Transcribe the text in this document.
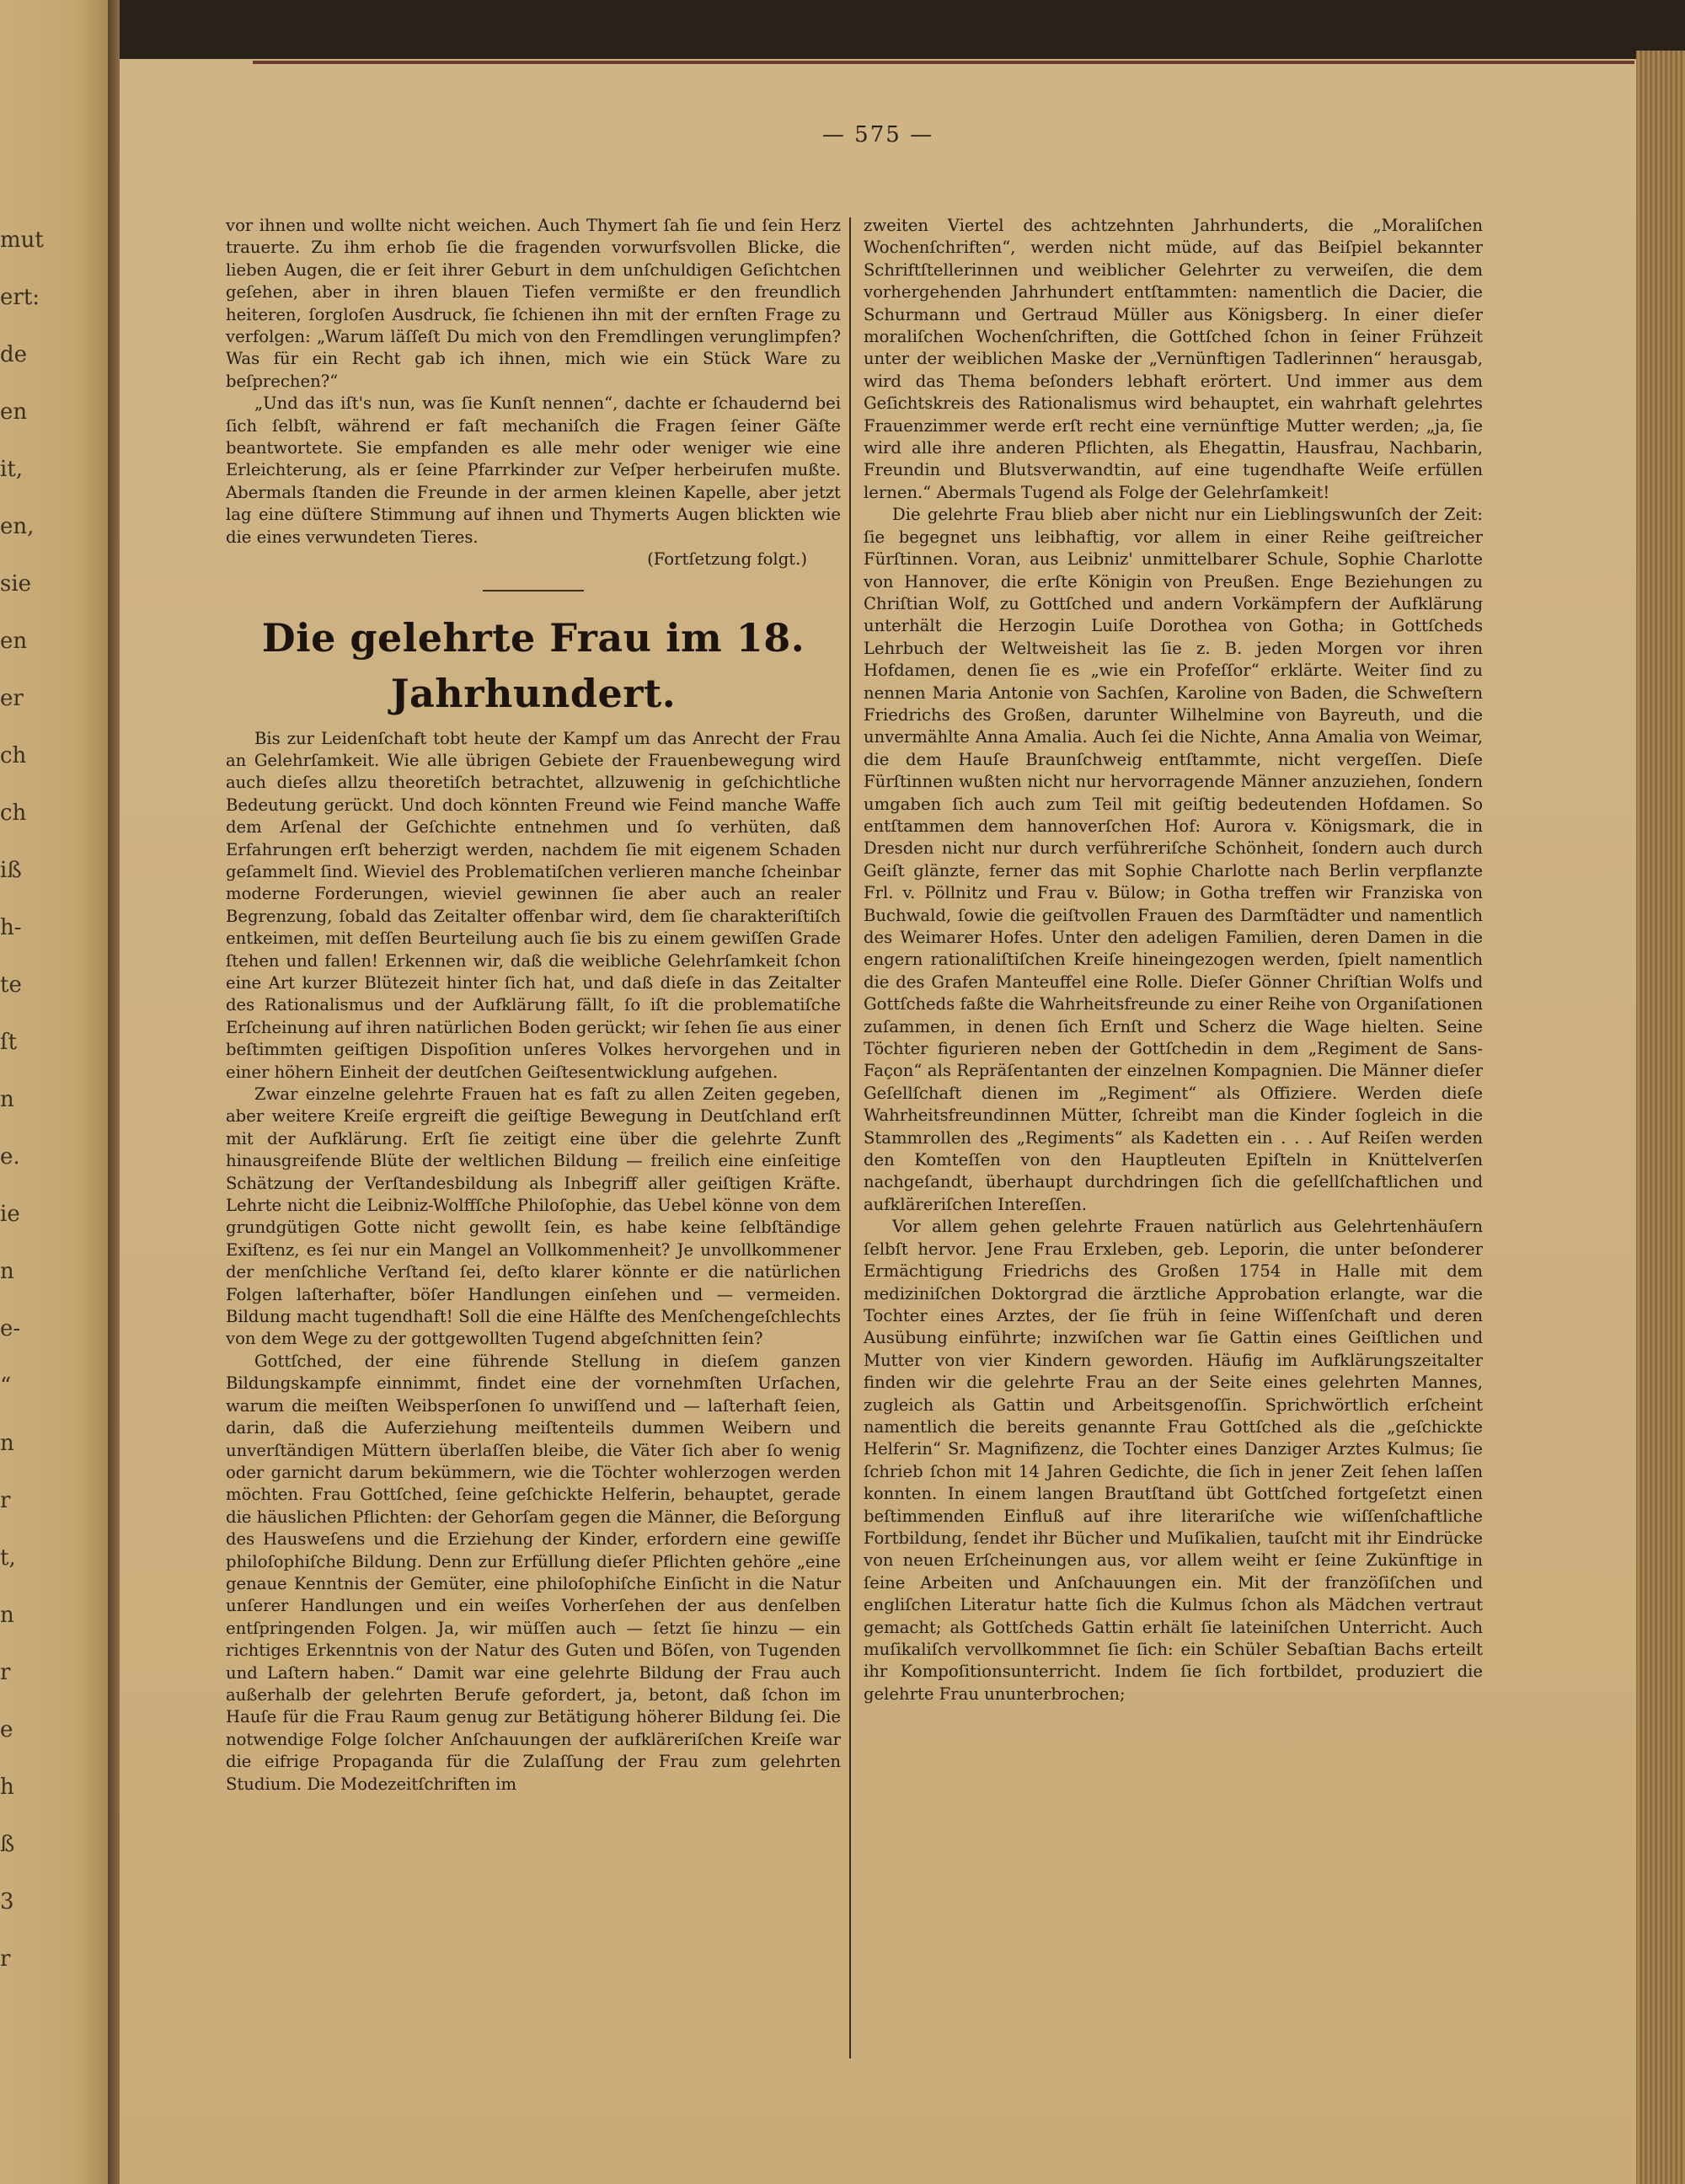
mut
ert:
de
en
it,
en,
sie
en
er
ch
ch
iß
h-
te
ſt
n
e.
ie
n
e-
“
n
r
t,
n
r
e
h
ß
3
r
— 575 —

vor ihnen und wollte nicht weichen. Auch Thymert ſah ſie und ſein Herz trauerte. Zu ihm erhob ſie die fragenden vorwurfsvollen Blicke, die lieben Augen, die er ſeit ihrer Geburt in dem unſchuldigen Geſichtchen geſehen, aber in ihren blauen Tiefen vermißte er den freundlich heiteren, ſorgloſen Ausdruck, ſie ſchienen ihn mit der ernſten Frage zu verfolgen: „Warum läſſeſt Du mich von den Fremdlingen verunglimpfen? Was für ein Recht gab ich ihnen, mich wie ein Stück Ware zu beſprechen?“

„Und das iſt's nun, was ſie Kunſt nennen“, dachte er ſchaudernd bei ſich ſelbſt, während er faſt mechaniſch die Fragen ſeiner Gäſte beantwortete. Sie empfanden es alle mehr oder weniger wie eine Erleichterung, als er ſeine Pfarrkinder zur Veſper herbeirufen mußte. Abermals ſtanden die Freunde in der armen kleinen Kapelle, aber jetzt lag eine düſtere Stimmung auf ihnen und Thymerts Augen blickten wie die eines verwundeten Tieres.

(Fortſetzung folgt.)

Die gelehrte Frau im 18. Jahrhundert.

Bis zur Leidenſchaft tobt heute der Kampf um das Anrecht der Frau an Gelehrſamkeit. Wie alle übrigen Gebiete der Frauenbewegung wird auch dieſes allzu theoretiſch betrachtet, allzuwenig in geſchichtliche Bedeutung gerückt. Und doch könnten Freund wie Feind manche Waffe dem Arſenal der Geſchichte entnehmen und ſo verhüten, daß Erfahrungen erſt beherzigt werden, nachdem ſie mit eigenem Schaden geſammelt ſind. Wieviel des Problematiſchen verlieren manche ſcheinbar moderne Forderungen, wieviel gewinnen ſie aber auch an realer Begrenzung, ſobald das Zeitalter offenbar wird, dem ſie charakteriſtiſch entkeimen, mit deſſen Beurteilung auch ſie bis zu einem gewiſſen Grade ſtehen und fallen! Erkennen wir, daß die weibliche Gelehrſamkeit ſchon eine Art kurzer Blütezeit hinter ſich hat, und daß dieſe in das Zeitalter des Rationalismus und der Aufklärung fällt, ſo iſt die problematiſche Erſcheinung auf ihren natürlichen Boden gerückt; wir ſehen ſie aus einer beſtimmten geiſtigen Dispoſition unſeres Volkes hervorgehen und in einer höhern Einheit der deutſchen Geiſtesentwicklung aufgehen.

Zwar einzelne gelehrte Frauen hat es faſt zu allen Zeiten gegeben, aber weitere Kreiſe ergreift die geiſtige Bewegung in Deutſchland erſt mit der Aufklärung. Erſt ſie zeitigt eine über die gelehrte Zunft hinausgreifende Blüte der weltlichen Bildung — freilich eine einſeitige Schätzung der Verſtandesbildung als Inbegriff aller geiſtigen Kräfte. Lehrte nicht die Leibniz-Wolffſche Philoſophie, das Uebel könne von dem grundgütigen Gotte nicht gewollt ſein, es habe keine ſelbſtändige Exiſtenz, es ſei nur ein Mangel an Vollkommenheit? Je unvollkommener der menſchliche Verſtand ſei, deſto klarer könnte er die natürlichen Folgen laſterhafter, böſer Handlungen einſehen und — vermeiden. Bildung macht tugendhaft! Soll die eine Hälfte des Menſchengeſchlechts von dem Wege zu der gottgewollten Tugend abgeſchnitten ſein?

Gottſched, der eine führende Stellung in dieſem ganzen Bildungskampfe einnimmt, findet eine der vornehmſten Urſachen, warum die meiſten Weibsperſonen ſo unwiſſend und — laſterhaft ſeien, darin, daß die Auferziehung meiſtenteils dummen Weibern und unverſtändigen Müttern überlaſſen bleibe, die Väter ſich aber ſo wenig oder garnicht darum bekümmern, wie die Töchter wohlerzogen werden möchten. Frau Gottſched, ſeine geſchickte Helferin, behauptet, gerade die häuslichen Pflichten: der Gehorſam gegen die Männer, die Beſorgung des Hausweſens und die Erziehung der Kinder, erfordern eine gewiſſe philoſophiſche Bildung. Denn zur Erfüllung dieſer Pflichten gehöre „eine genaue Kenntnis der Gemüter, eine philoſophiſche Einſicht in die Natur unſerer Handlungen und ein weiſes Vorherſehen der aus denſelben entſpringenden Folgen. Ja, wir müſſen auch — ſetzt ſie hinzu — ein richtiges Erkenntnis von der Natur des Guten und Böſen, von Tugenden und Laſtern haben.“ Damit war eine gelehrte Bildung der Frau auch außerhalb der gelehrten Berufe gefordert, ja, betont, daß ſchon im Hauſe für die Frau Raum genug zur Betätigung höherer Bildung ſei. Die notwendige Folge ſolcher Anſchauungen der aufkläreriſchen Kreiſe war die eifrige Propaganda für die Zulaſſung der Frau zum gelehrten Studium. Die Modezeitſchriften im

zweiten Viertel des achtzehnten Jahrhunderts, die „Moraliſchen Wochenſchriften“, werden nicht müde, auf das Beiſpiel bekannter Schriftſtellerinnen und weiblicher Gelehrter zu verweiſen, die dem vorhergehenden Jahrhundert entſtammten: namentlich die Dacier, die Schurmann und Gertraud Müller aus Königsberg. In einer dieſer moraliſchen Wochenſchriften, die Gottſched ſchon in ſeiner Frühzeit unter der weiblichen Maske der „Vernünftigen Tadlerinnen“ herausgab, wird das Thema beſonders lebhaft erörtert. Und immer aus dem Geſichtskreis des Rationalismus wird behauptet, ein wahrhaft gelehrtes Frauenzimmer werde erſt recht eine vernünftige Mutter werden; „ja, ſie wird alle ihre anderen Pflichten, als Ehegattin, Hausfrau, Nachbarin, Freundin und Blutsverwandtin, auf eine tugendhafte Weiſe erfüllen lernen.“ Abermals Tugend als Folge der Gelehrſamkeit!

Die gelehrte Frau blieb aber nicht nur ein Lieblingswunſch der Zeit: ſie begegnet uns leibhaftig, vor allem in einer Reihe geiſtreicher Fürſtinnen. Voran, aus Leibniz' unmittelbarer Schule, Sophie Charlotte von Hannover, die erſte Königin von Preußen. Enge Beziehungen zu Chriſtian Wolf, zu Gottſched und andern Vorkämpfern der Aufklärung unterhält die Herzogin Luiſe Dorothea von Gotha; in Gottſcheds Lehrbuch der Weltweisheit las ſie z. B. jeden Morgen vor ihren Hofdamen, denen ſie es „wie ein Profeſſor“ erklärte. Weiter ſind zu nennen Maria Antonie von Sachſen, Karoline von Baden, die Schweſtern Friedrichs des Großen, darunter Wilhelmine von Bayreuth, und die unvermählte Anna Amalia. Auch ſei die Nichte, Anna Amalia von Weimar, die dem Hauſe Braunſchweig entſtammte, nicht vergeſſen. Dieſe Fürſtinnen wußten nicht nur hervorragende Männer anzuziehen, ſondern umgaben ſich auch zum Teil mit geiſtig bedeutenden Hofdamen. So entſtammen dem hannoverſchen Hof: Aurora v. Königsmark, die in Dresden nicht nur durch verführeriſche Schönheit, ſondern auch durch Geiſt glänzte, ferner das mit Sophie Charlotte nach Berlin verpflanzte Frl. v. Pöllnitz und Frau v. Bülow; in Gotha treffen wir Franziska von Buchwald, ſowie die geiſtvollen Frauen des Darmſtädter und namentlich des Weimarer Hofes. Unter den adeligen Familien, deren Damen in die engern rationaliſtiſchen Kreiſe hineingezogen werden, ſpielt namentlich die des Grafen Manteuffel eine Rolle. Dieſer Gönner Chriſtian Wolfs und Gottſcheds faßte die Wahrheitsfreunde zu einer Reihe von Organiſationen zuſammen, in denen ſich Ernſt und Scherz die Wage hielten. Seine Töchter figurieren neben der Gottſchedin in dem „Regiment de Sans-Façon“ als Repräſentanten der einzelnen Kompagnien. Die Männer dieſer Geſellſchaft dienen im „Regiment“ als Offiziere. Werden dieſe Wahrheitsfreundinnen Mütter, ſchreibt man die Kinder ſogleich in die Stammrollen des „Regiments“ als Kadetten ein . . . Auf Reiſen werden den Komteſſen von den Hauptleuten Epiſteln in Knüttelverſen nachgeſandt, überhaupt durchdringen ſich die geſellſchaftlichen und aufkläreriſchen Intereſſen.

Vor allem gehen gelehrte Frauen natürlich aus Gelehrtenhäuſern ſelbſt hervor. Jene Frau Erxleben, geb. Leporin, die unter beſonderer Ermächtigung Friedrichs des Großen 1754 in Halle mit dem mediziniſchen Doktorgrad die ärztliche Approbation erlangte, war die Tochter eines Arztes, der ſie früh in ſeine Wiſſenſchaft und deren Ausübung einführte; inzwiſchen war ſie Gattin eines Geiſtlichen und Mutter von vier Kindern geworden. Häufig im Aufklärungszeitalter finden wir die gelehrte Frau an der Seite eines gelehrten Mannes, zugleich als Gattin und Arbeitsgenoſſin. Sprichwörtlich erſcheint namentlich die bereits genannte Frau Gottſched als die „geſchickte Helferin“ Sr. Magnifizenz, die Tochter eines Danziger Arztes Kulmus; ſie ſchrieb ſchon mit 14 Jahren Gedichte, die ſich in jener Zeit ſehen laſſen konnten. In einem langen Brautſtand übt Gottſched fortgeſetzt einen beſtimmenden Einfluß auf ihre literariſche wie wiſſenſchaftliche Fortbildung, ſendet ihr Bücher und Muſikalien, tauſcht mit ihr Eindrücke von neuen Erſcheinungen aus, vor allem weiht er ſeine Zukünftige in ſeine Arbeiten und Anſchauungen ein. Mit der franzöſiſchen und engliſchen Literatur hatte ſich die Kulmus ſchon als Mädchen vertraut gemacht; als Gottſcheds Gattin erhält ſie lateiniſchen Unterricht. Auch muſikaliſch vervollkommnet ſie ſich: ein Schüler Sebaſtian Bachs erteilt ihr Kompoſitionsunterricht. Indem ſie ſich fortbildet, produziert die gelehrte Frau ununterbrochen;
